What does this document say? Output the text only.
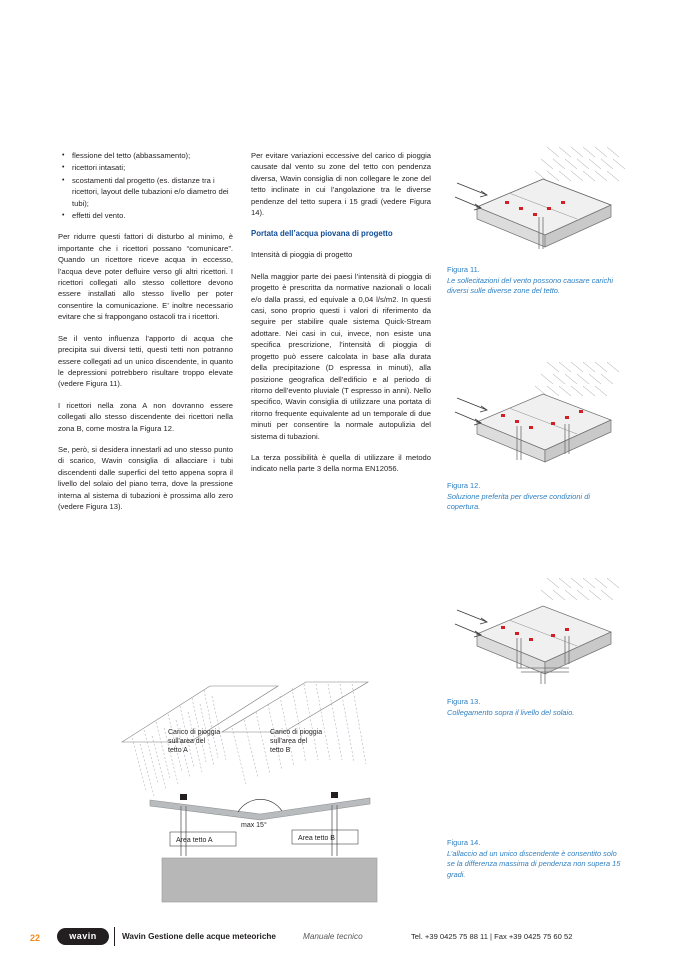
• flessione del tetto (abbassamento);
• ricettori intasati;
• scostamenti dal progetto (es. distanze tra i ricettori, layout delle tubazioni e/o diametro dei tubi);
• effetti del vento.

Per ridurre questi fattori di disturbo al minimo, è importante che i ricettori possano “comunicare”. Quando un ricettore riceve acqua in eccesso, l’acqua deve poter defluire verso gli altri ricettori. I ricettori collegati allo stesso collettore devono essere installati allo stesso livello per poter consentire la comunicazione. E’ inoltre necessario evitare che si frappongano ostacoli tra i ricettori.

Se il vento influenza l’apporto di acqua che precipita sui diversi tetti, questi tetti non potranno essere collegati ad un unico discendente, in quanto le depressioni potrebbero risultare troppo elevate (vedere Figura 11).

I ricettori nella zona A non dovranno essere collegati allo stesso discendente dei ricettori nella zona B, come mostra la Figura 12.

Se, però, si desidera innestarli ad uno stesso punto di scarico, Wavin consiglia di allacciare i tubi discendenti dalle superfici del tetto appena sopra il livello del solaio del piano terra, dove la pressione interna al sistema di tubazioni è prossima allo zero (vedere Figura 13).

Per evitare variazioni eccessive del carico di pioggia causate dal vento su zone del tetto con pendenza diversa, Wavin consiglia di non collegare le zone del tetto inclinate in cui l’angolazione tra le diverse pendenze del tetto supera i 15 gradi (vedere Figura 14).

Portata dell’acqua piovana di progetto

Intensità di pioggia di progetto

Nella maggior parte dei paesi l’intensità di pioggia di progetto è prescritta da normative nazionali o locali e/o dalla prassi, ed equivale a 0,04 l/s/m2. In questi casi, sono proprio questi i valori di riferimento da seguire per stabilire quale sistema Quick-Stream adottare. Nei casi in cui, invece, non esiste una specifica prescrizione, l’intensità di pioggia di progetto può essere calcolata in base alla durata della precipitazione (D espressa in minuti), alla posizione geografica dell’edificio e al periodo di ritorno dell’evento pluviale (T espresso in anni). Nello specifico, Wavin consiglia di utilizzare una portata di ritorno frequente equivalente ad un temporale di due minuti per consentire la normale autopulizia del sistema di tubazioni.

La terza possibilità è quella di utilizzare il metodo indicato nella parte 3 della norma EN12056.

Figura 11.
Le sollecitazioni del vento possono causare carichi diversi sulle diverse zone del tetto.
Figura 12.
Soluzione preferita per diverse condizioni di copertura.
Figura 13.
Collegamento sopra il livello del solaio.
Figura 14.
L’allaccio ad un unico discendente è consentito solo se la differenza massima di pendenza non supera 15 gradi.
Carico di pioggia
sull'area del
tetto A
Carico di pioggia
sull'area del
tetto B
max 15°
Area tetto A	Area tetto B
22	wavin	Wavin Gestione delle acque meteoriche	Manuale tecnico	Tel. +39 0425 75 88 11 | Fax +39 0425 75 60 52
